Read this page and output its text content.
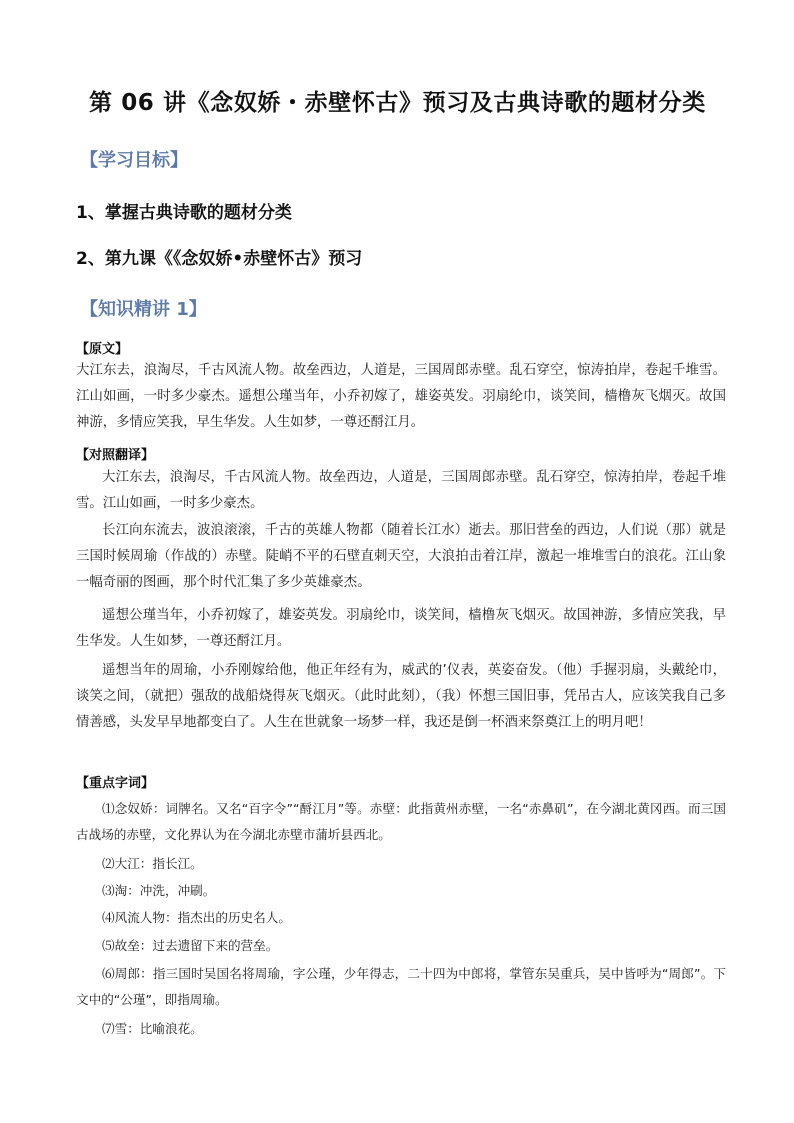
第 06 讲《念奴娇・赤壁怀古》预习及古典诗歌的题材分类
【学习目标】
1、掌握古典诗歌的题材分类
2、第九课《《念奴娇•赤壁怀古》预习
【知识精讲 1】
【原文】
大江东去，浪淘尽，千古风流人物。故垒西边，人道是，三国周郎赤壁。乱石穿空，惊涛拍岸，卷起千堆雪。江山如画，一时多少豪杰。遥想公瑾当年，小乔初嫁了，雄姿英发。羽扇纶巾，谈笑间，樯橹灰飞烟灭。故国神游，多情应笑我，早生华发。人生如梦，一尊还酹江月。
【对照翻译】
大江东去，浪淘尽，千古风流人物。故垒西边，人道是，三国周郎赤壁。乱石穿空，惊涛拍岸，卷起千堆雪。江山如画，一时多少豪杰。
长江向东流去，波浪滚滚，千古的英雄人物都（随着长江水）逝去。那旧营垒的西边，人们说（那）就是三国时候周瑜（作战的）赤壁。陡峭不平的石壁直刺天空，大浪拍击着江岸，激起一堆堆雪白的浪花。江山象一幅奇丽的图画，那个时代汇集了多少英雄豪杰。
遥想公瑾当年，小乔初嫁了，雄姿英发。羽扇纶巾，谈笑间，樯橹灰飞烟灭。故国神游，多情应笑我，早生华发。人生如梦，一尊还酹江月。
遥想当年的周瑜，小乔刚嫁给他，他正年经有为，威武的’仪表，英姿奋发。（他）手握羽扇，头戴纶巾，谈笑之间，（就把）强敌的战船烧得灰飞烟灭。（此时此刻），（我）怀想三国旧事，凭吊古人，应该笑我自己多情善感，头发早早地都变白了。人生在世就象一场梦一样，我还是倒一杯酒来祭奠江上的明月吧！
【重点字词】
⑴念奴娇：词牌名。又名“百字令”“酹江月”等。赤壁：此指黄州赤壁，一名“赤鼻矶”，在今湖北黄冈西。而三国古战场的赤壁，文化界认为在今湖北赤壁市蒲圻县西北。
⑵大江：指长江。
⑶淘：冲洗，冲刷。
⑷风流人物：指杰出的历史名人。
⑸故垒：过去遗留下来的营垒。
⑹周郎：指三国时吴国名将周瑜，字公瑾，少年得志，二十四为中郎将，掌管东吴重兵，吴中皆呼为“周郎”。下文中的“公瑾”，即指周瑜。
⑺雪：比喻浪花。
